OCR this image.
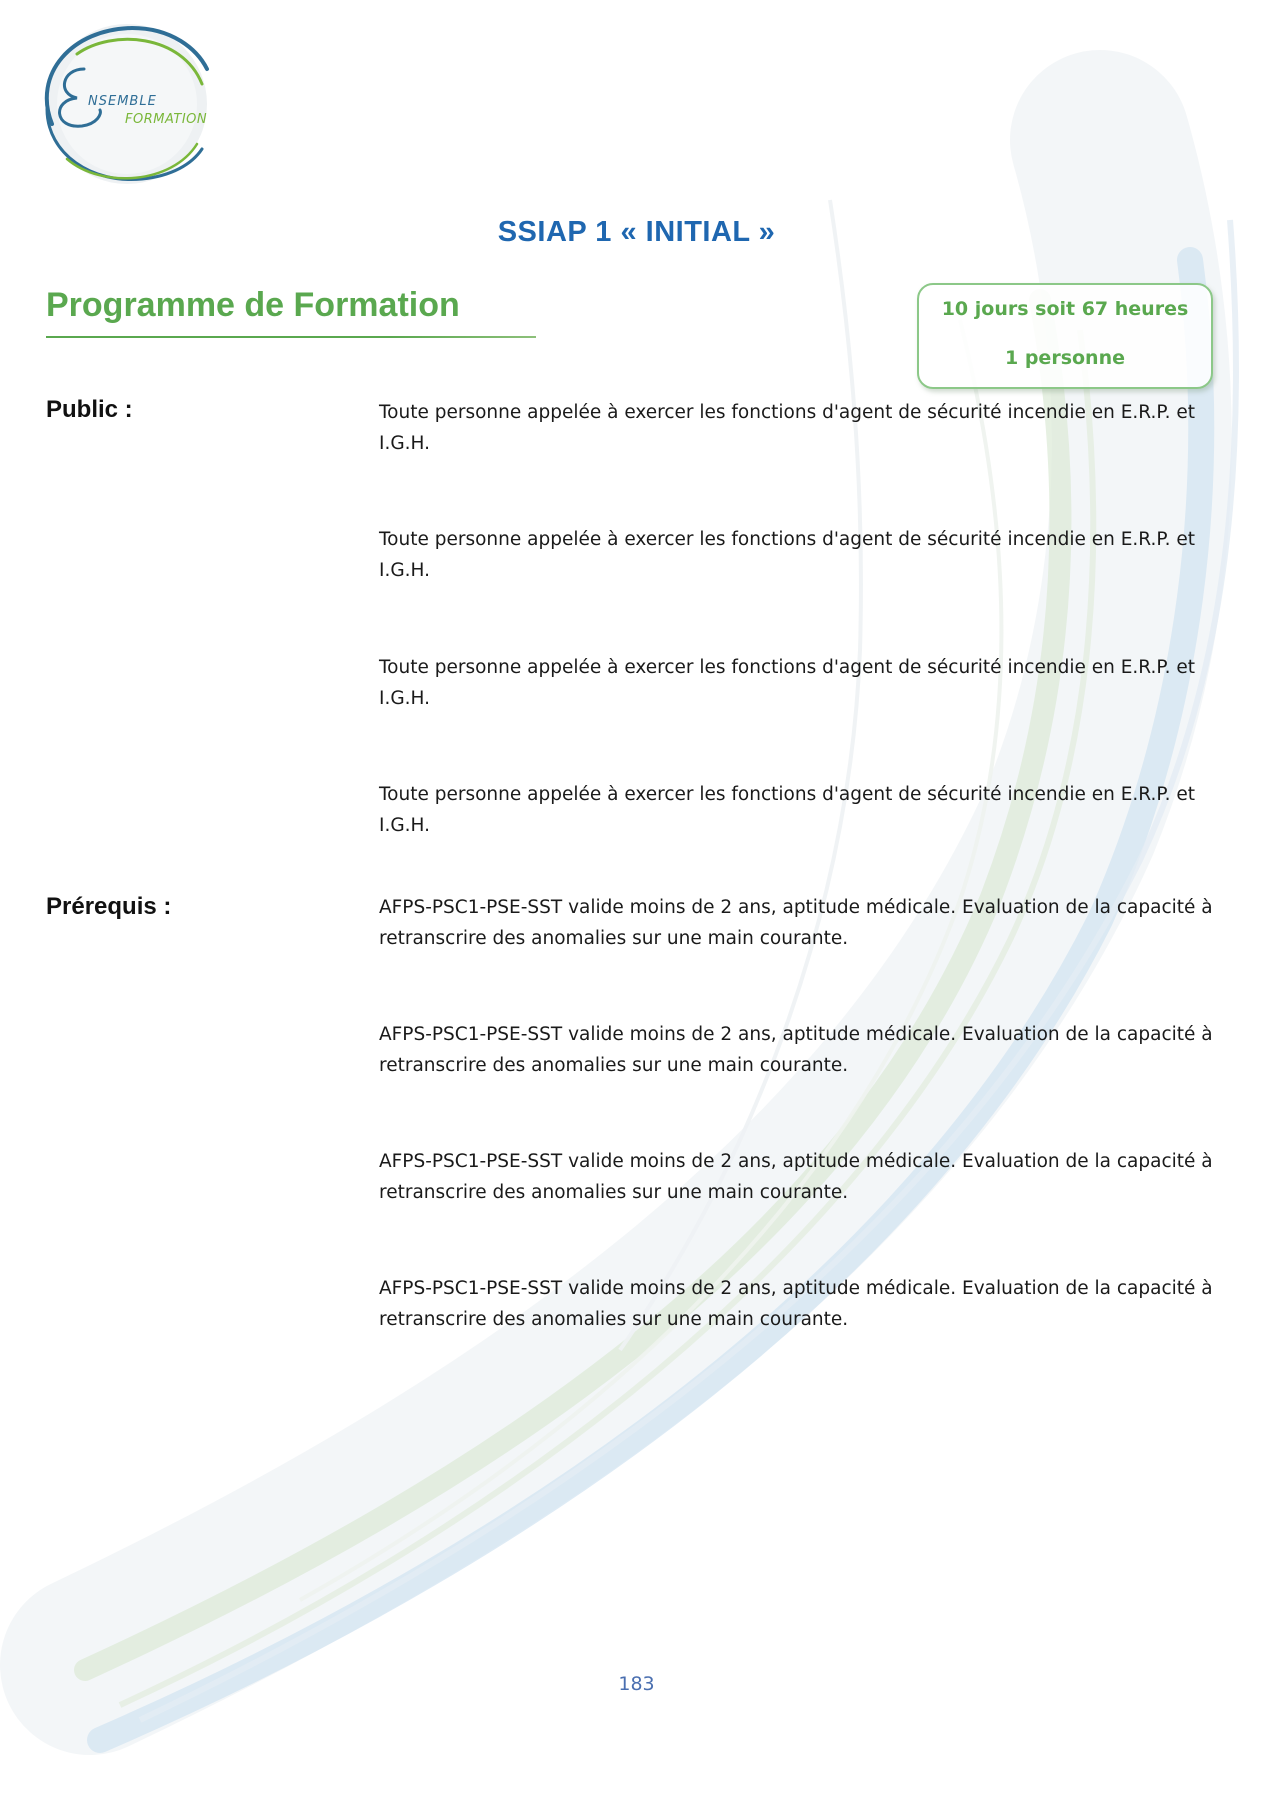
NSEMBLE
FORMATION
SSIAP 1 « INITIAL »
Programme de Formation	10 jours soit 67 heures
1 personne
Public :	Toute personne appelée à exercer les fonctions d'agent de sécurité incendie en E.R.P. et I.G.H.
Toute personne appelée à exercer les fonctions d'agent de sécurité incendie en E.R.P. et I.G.H.
Toute personne appelée à exercer les fonctions d'agent de sécurité incendie en E.R.P. et I.G.H.
Toute personne appelée à exercer les fonctions d'agent de sécurité incendie en E.R.P. et I.G.H.
Prérequis :	AFPS-PSC1-PSE-SST valide moins de 2 ans, aptitude médicale. Evaluation de la capacité à retranscrire des anomalies sur une main courante.
AFPS-PSC1-PSE-SST valide moins de 2 ans, aptitude médicale. Evaluation de la capacité à retranscrire des anomalies sur une main courante.
AFPS-PSC1-PSE-SST valide moins de 2 ans, aptitude médicale. Evaluation de la capacité à retranscrire des anomalies sur une main courante.
AFPS-PSC1-PSE-SST valide moins de 2 ans, aptitude médicale. Evaluation de la capacité à retranscrire des anomalies sur une main courante.
183
